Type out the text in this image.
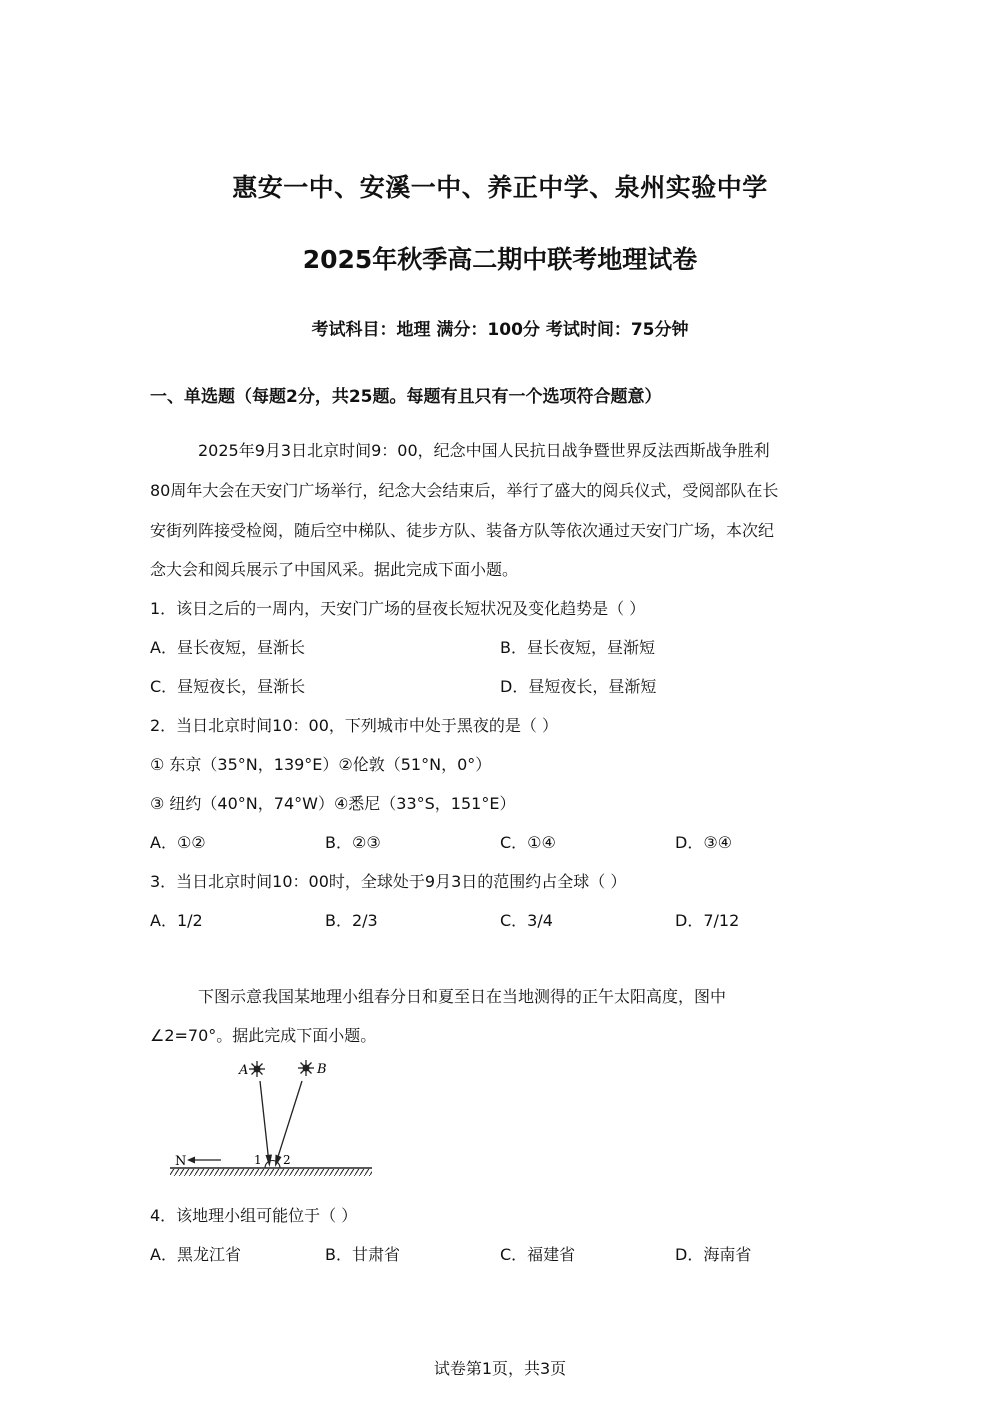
惠安一中、安溪一中、养正中学、泉州实验中学
2025年秋季高二期中联考地理试卷
考试科目：地理 满分：100分 考试时间：75分钟
一、单选题（每题2分，共25题。每题有且只有一个选项符合题意）
2025年9月3日北京时间9：00，纪念中国人民抗日战争暨世界反法西斯战争胜利
80周年大会在天安门广场举行，纪念大会结束后，举行了盛大的阅兵仪式，受阅部队在长
安街列阵接受检阅，随后空中梯队、徒步方队、装备方队等依次通过天安门广场，本次纪
念大会和阅兵展示了中国风采。据此完成下面小题。
1．该日之后的一周内，天安门广场的昼夜长短状况及变化趋势是（ ）
A．昼长夜短，昼渐长	B．昼长夜短，昼渐短
C．昼短夜长，昼渐长	D．昼短夜长，昼渐短
2．当日北京时间10：00，下列城市中处于黑夜的是（ ）
① 东京（35°N，139°E）②伦敦（51°N，0°）
③ 纽约（40°N，74°W）④悉尼（33°S，151°E）
A．①②	B．②③	C．①④	D．③④
3．当日北京时间10：00时，全球处于9月3日的范围约占全球（ ）
A．1/2	B．2/3	C．3/4	D．7/12
下图示意我国某地理小组春分日和夏至日在当地测得的正午太阳高度，图中
∠2=70°。据此完成下面小题。
N
A	B
1 2
4．该地理小组可能位于（ ）
A．黑龙江省	B．甘肃省	C．福建省	D．海南省
试卷第1页，共3页
